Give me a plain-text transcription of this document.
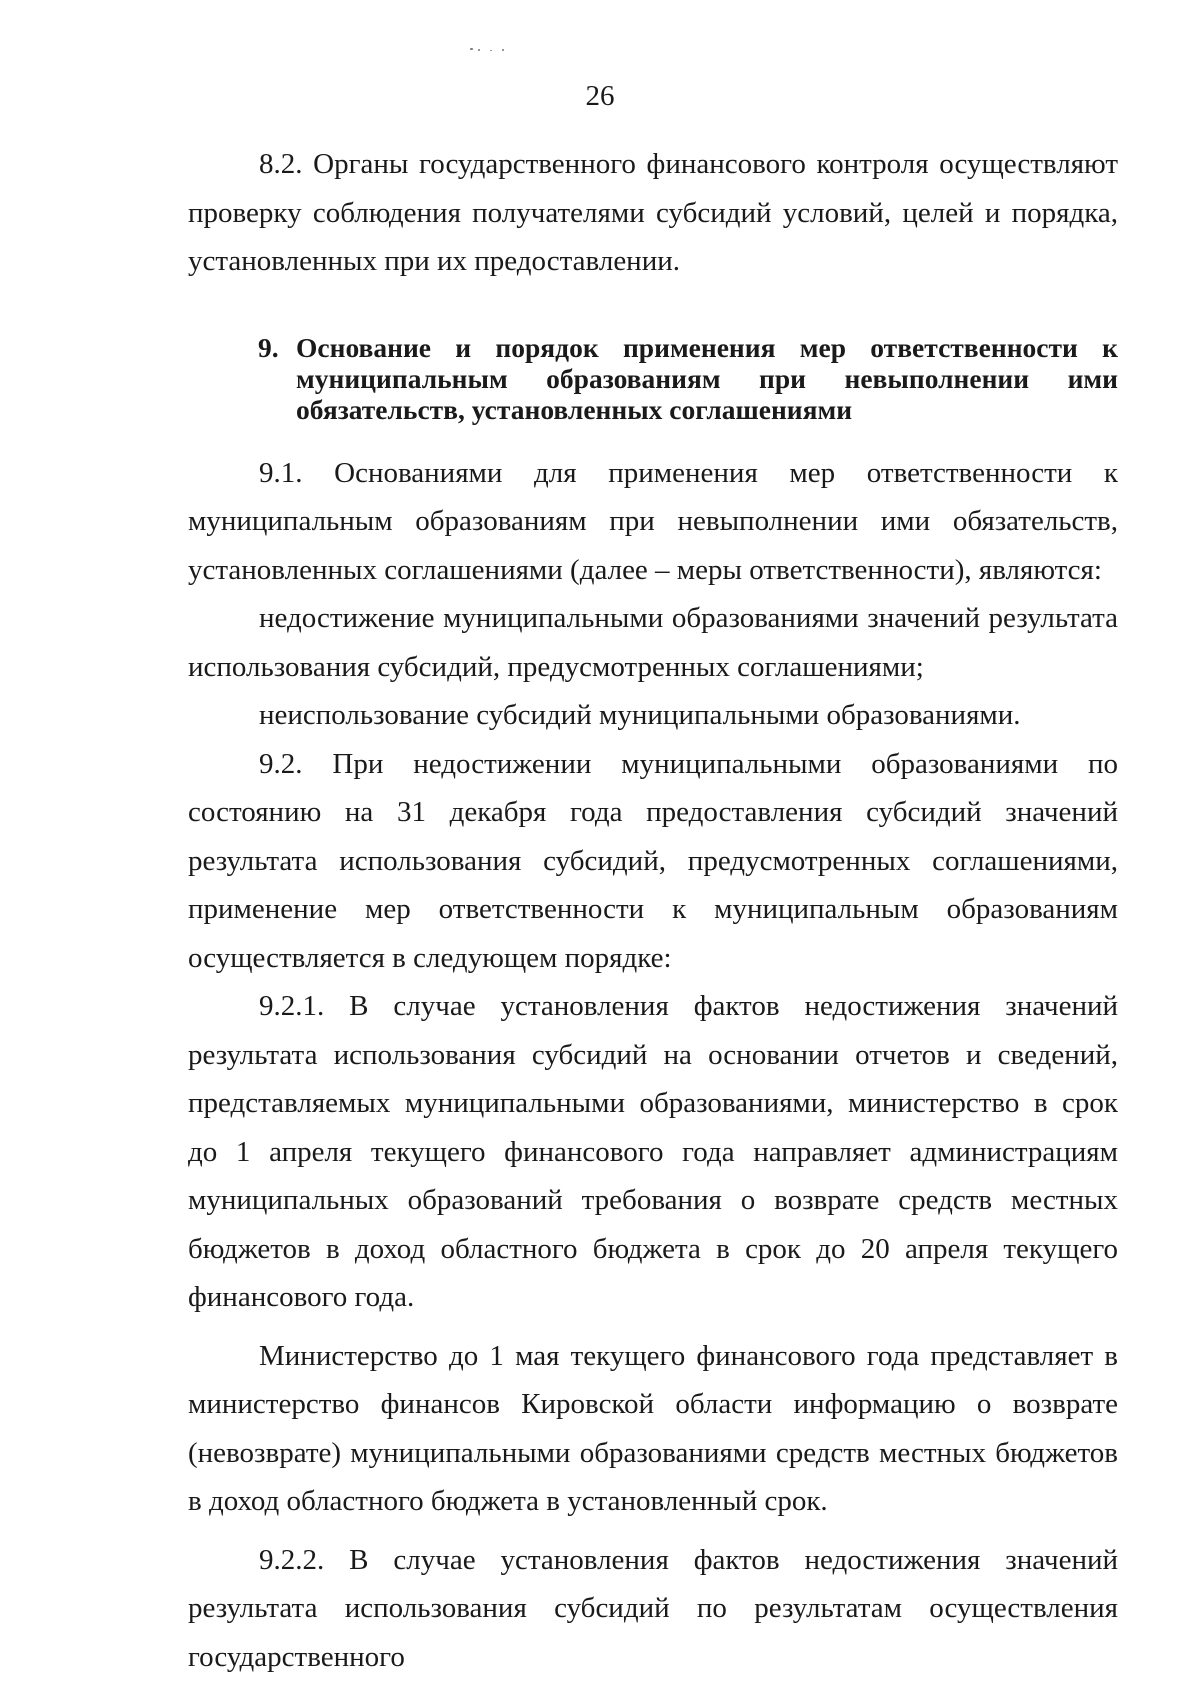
26

8.2. Органы государственного финансового контроля осуществляют проверку соблюдения получателями субсидий условий, целей и порядка, установленных при их предоставлении.

9. Основание и порядок применения мер ответственности к муниципальным образованиям при невыполнении ими обязательств, установленных соглашениями

9.1. Основаниями для применения мер ответственности к муниципальным образованиям при невыполнении ими обязательств, установленных соглашениями (далее – меры ответственности), являются:

недостижение муниципальными образованиями значений результата использования субсидий, предусмотренных соглашениями;

неиспользование субсидий муниципальными образованиями.

9.2. При недостижении муниципальными образованиями по состоянию на 31 декабря года предоставления субсидий значений результата использования субсидий, предусмотренных соглашениями, применение мер ответственности к муниципальным образованиям осуществляется в следующем порядке:

9.2.1. В случае установления фактов недостижения значений результата использования субсидий на основании отчетов и сведений, представляемых муниципальными образованиями, министерство в срок до 1 апреля текущего финансового года направляет администрациям муниципальных образований требования о возврате средств местных бюджетов в доход областного бюджета в срок до 20 апреля текущего финансового года.

Министерство до 1 мая текущего финансового года представляет в министерство финансов Кировской области информацию о возврате (невозврате) муниципальными образованиями средств местных бюджетов в доход областного бюджета в установленный срок.

9.2.2. В случае установления фактов недостижения значений результата использования субсидий по результатам осуществления государственного
